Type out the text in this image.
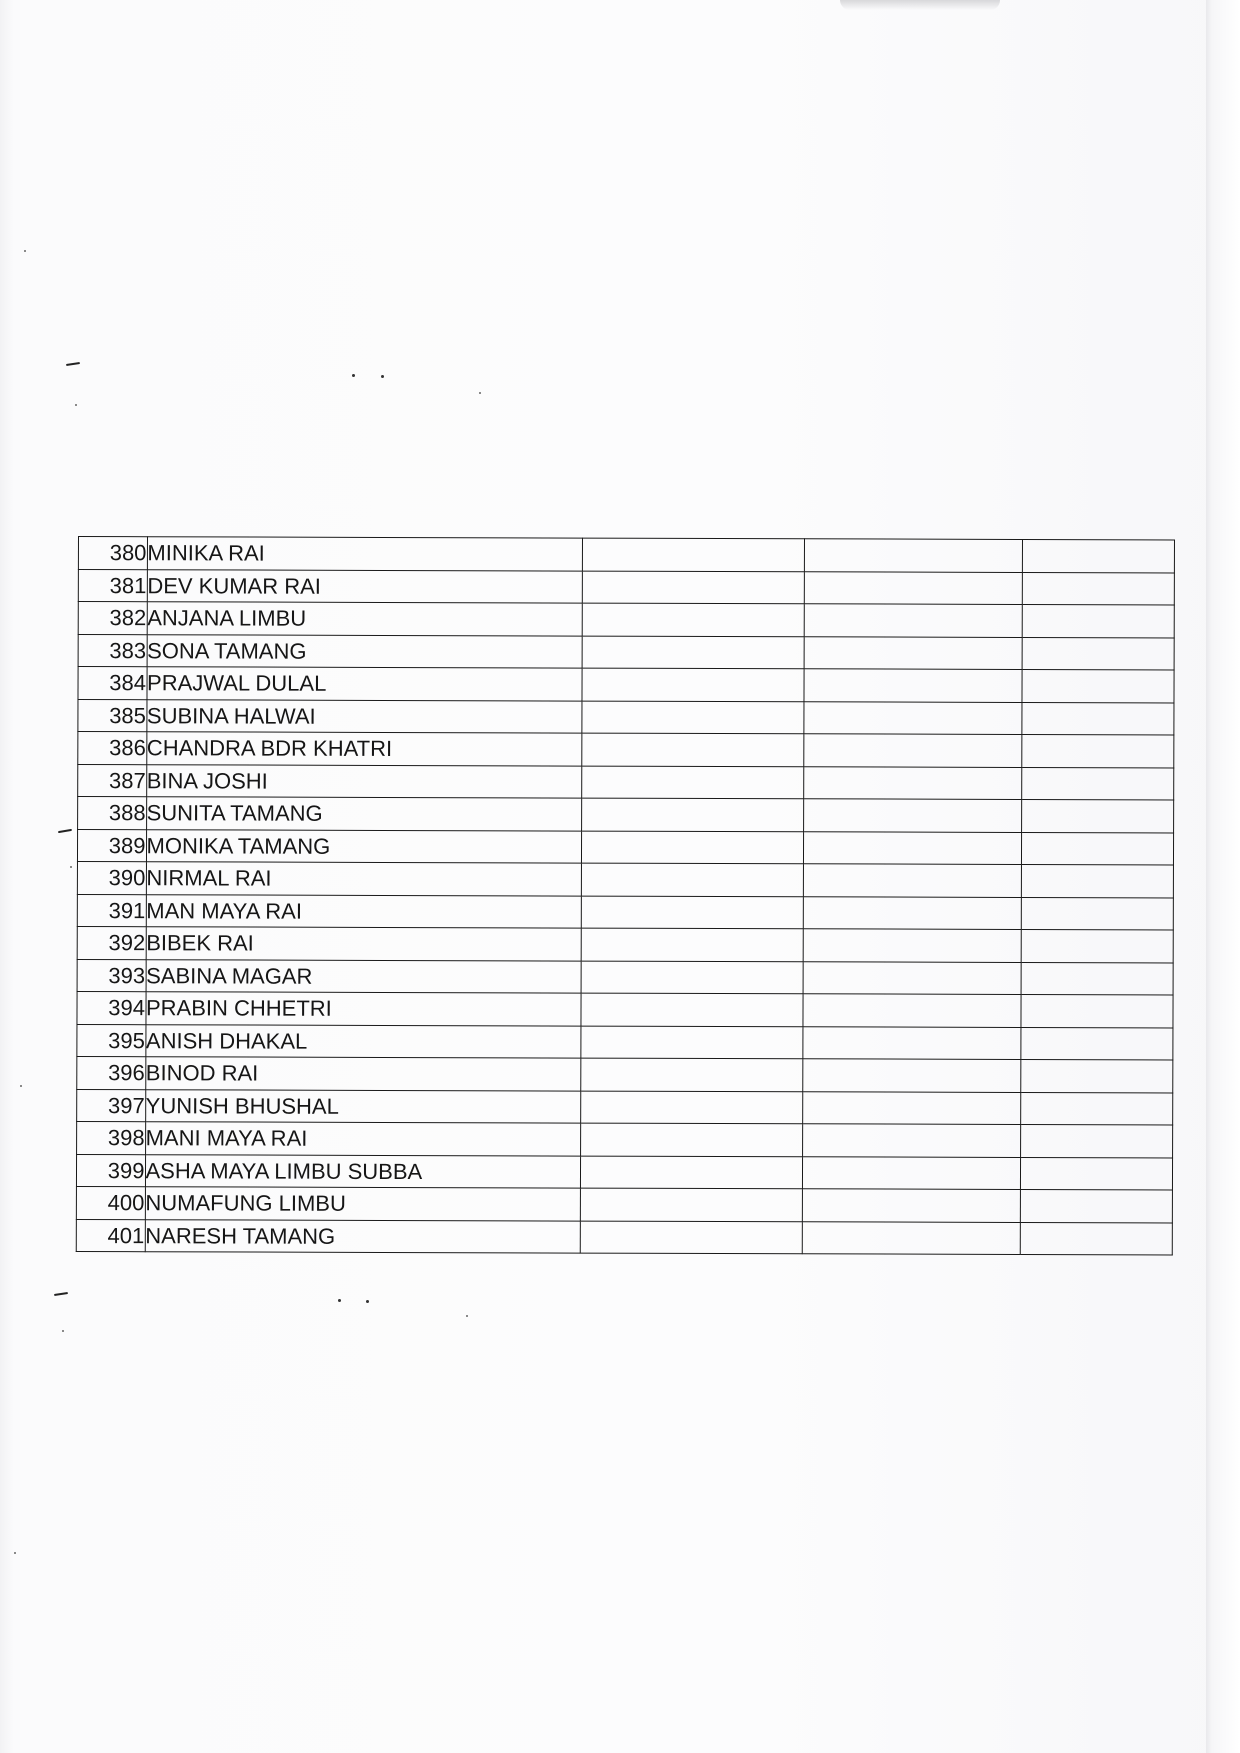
380	MINIKA RAI			
381	DEV KUMAR RAI			
382	ANJANA LIMBU			
383	SONA TAMANG			
384	PRAJWAL DULAL			
385	SUBINA HALWAI			
386	CHANDRA BDR KHATRI			
387	BINA JOSHI			
388	SUNITA TAMANG			
389	MONIKA TAMANG			
390	NIRMAL RAI			
391	MAN MAYA RAI			
392	BIBEK RAI			
393	SABINA MAGAR			
394	PRABIN CHHETRI			
395	ANISH DHAKAL			
396	BINOD RAI			
397	YUNISH BHUSHAL			
398	MANI MAYA RAI			
399	ASHA MAYA LIMBU SUBBA			
400	NUMAFUNG LIMBU			
401	NARESH TAMANG			
